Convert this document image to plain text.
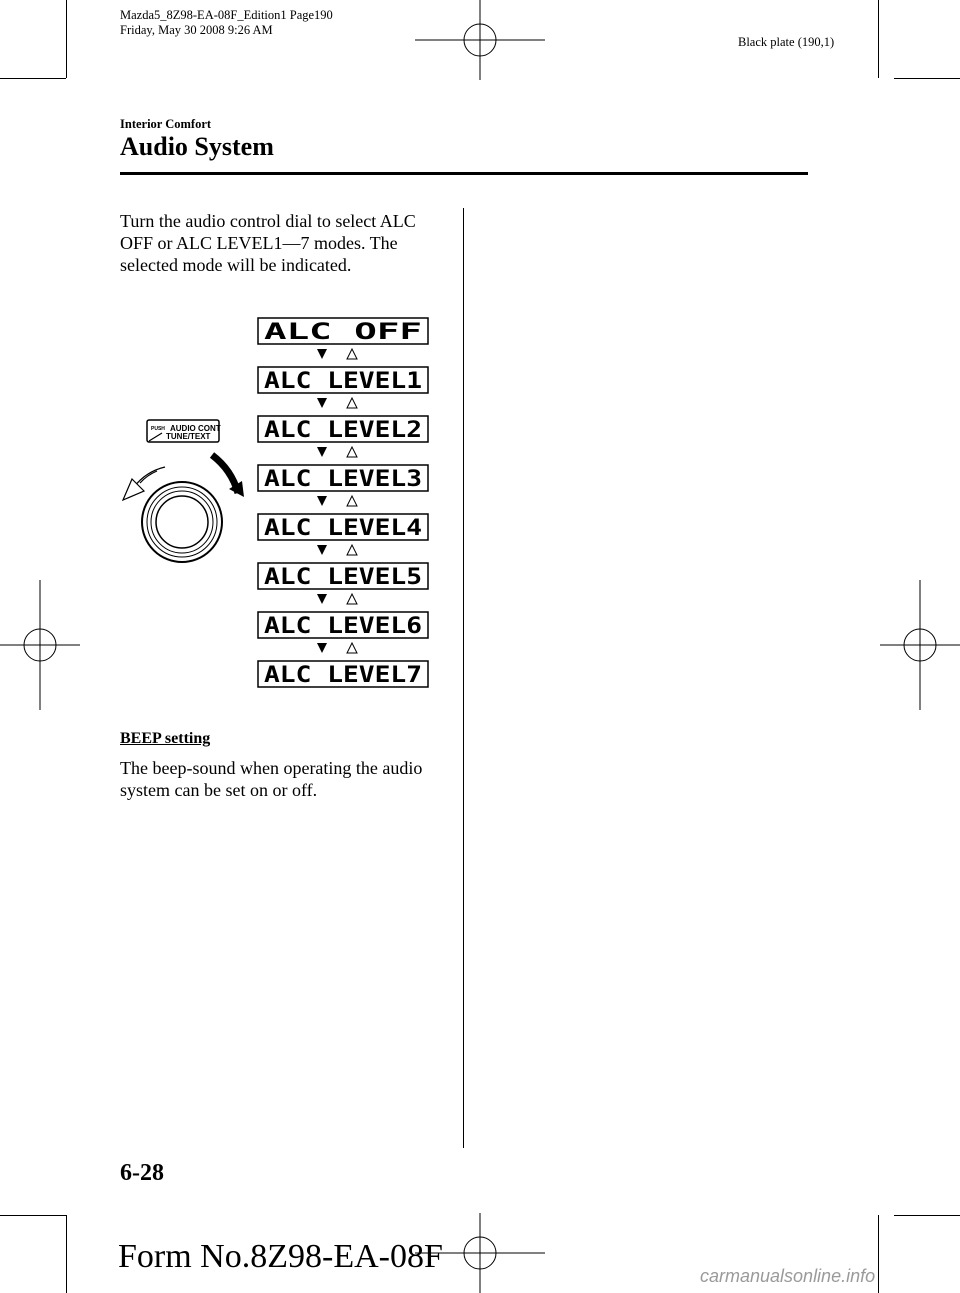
Mazda5_8Z98-EA-08F_Edition1 Page190
Friday, May 30 2008 9:26 AM
Black plate (190,1)
Interior Comfort
Audio System
Turn the audio control dial to select ALC OFF or ALC LEVEL1―7 modes. The selected mode will be indicated.
PUSH AUDIO CONT
TUNE/TEXT
ALC OFF
ALC LEVEL1
ALC LEVEL2
ALC LEVEL3
ALC LEVEL4
ALC LEVEL5
ALC LEVEL6
ALC LEVEL7
BEEP setting
The beep-sound when operating the audio system can be set on or off.
6-28
Form No.8Z98-EA-08F
carmanualsonline.info
